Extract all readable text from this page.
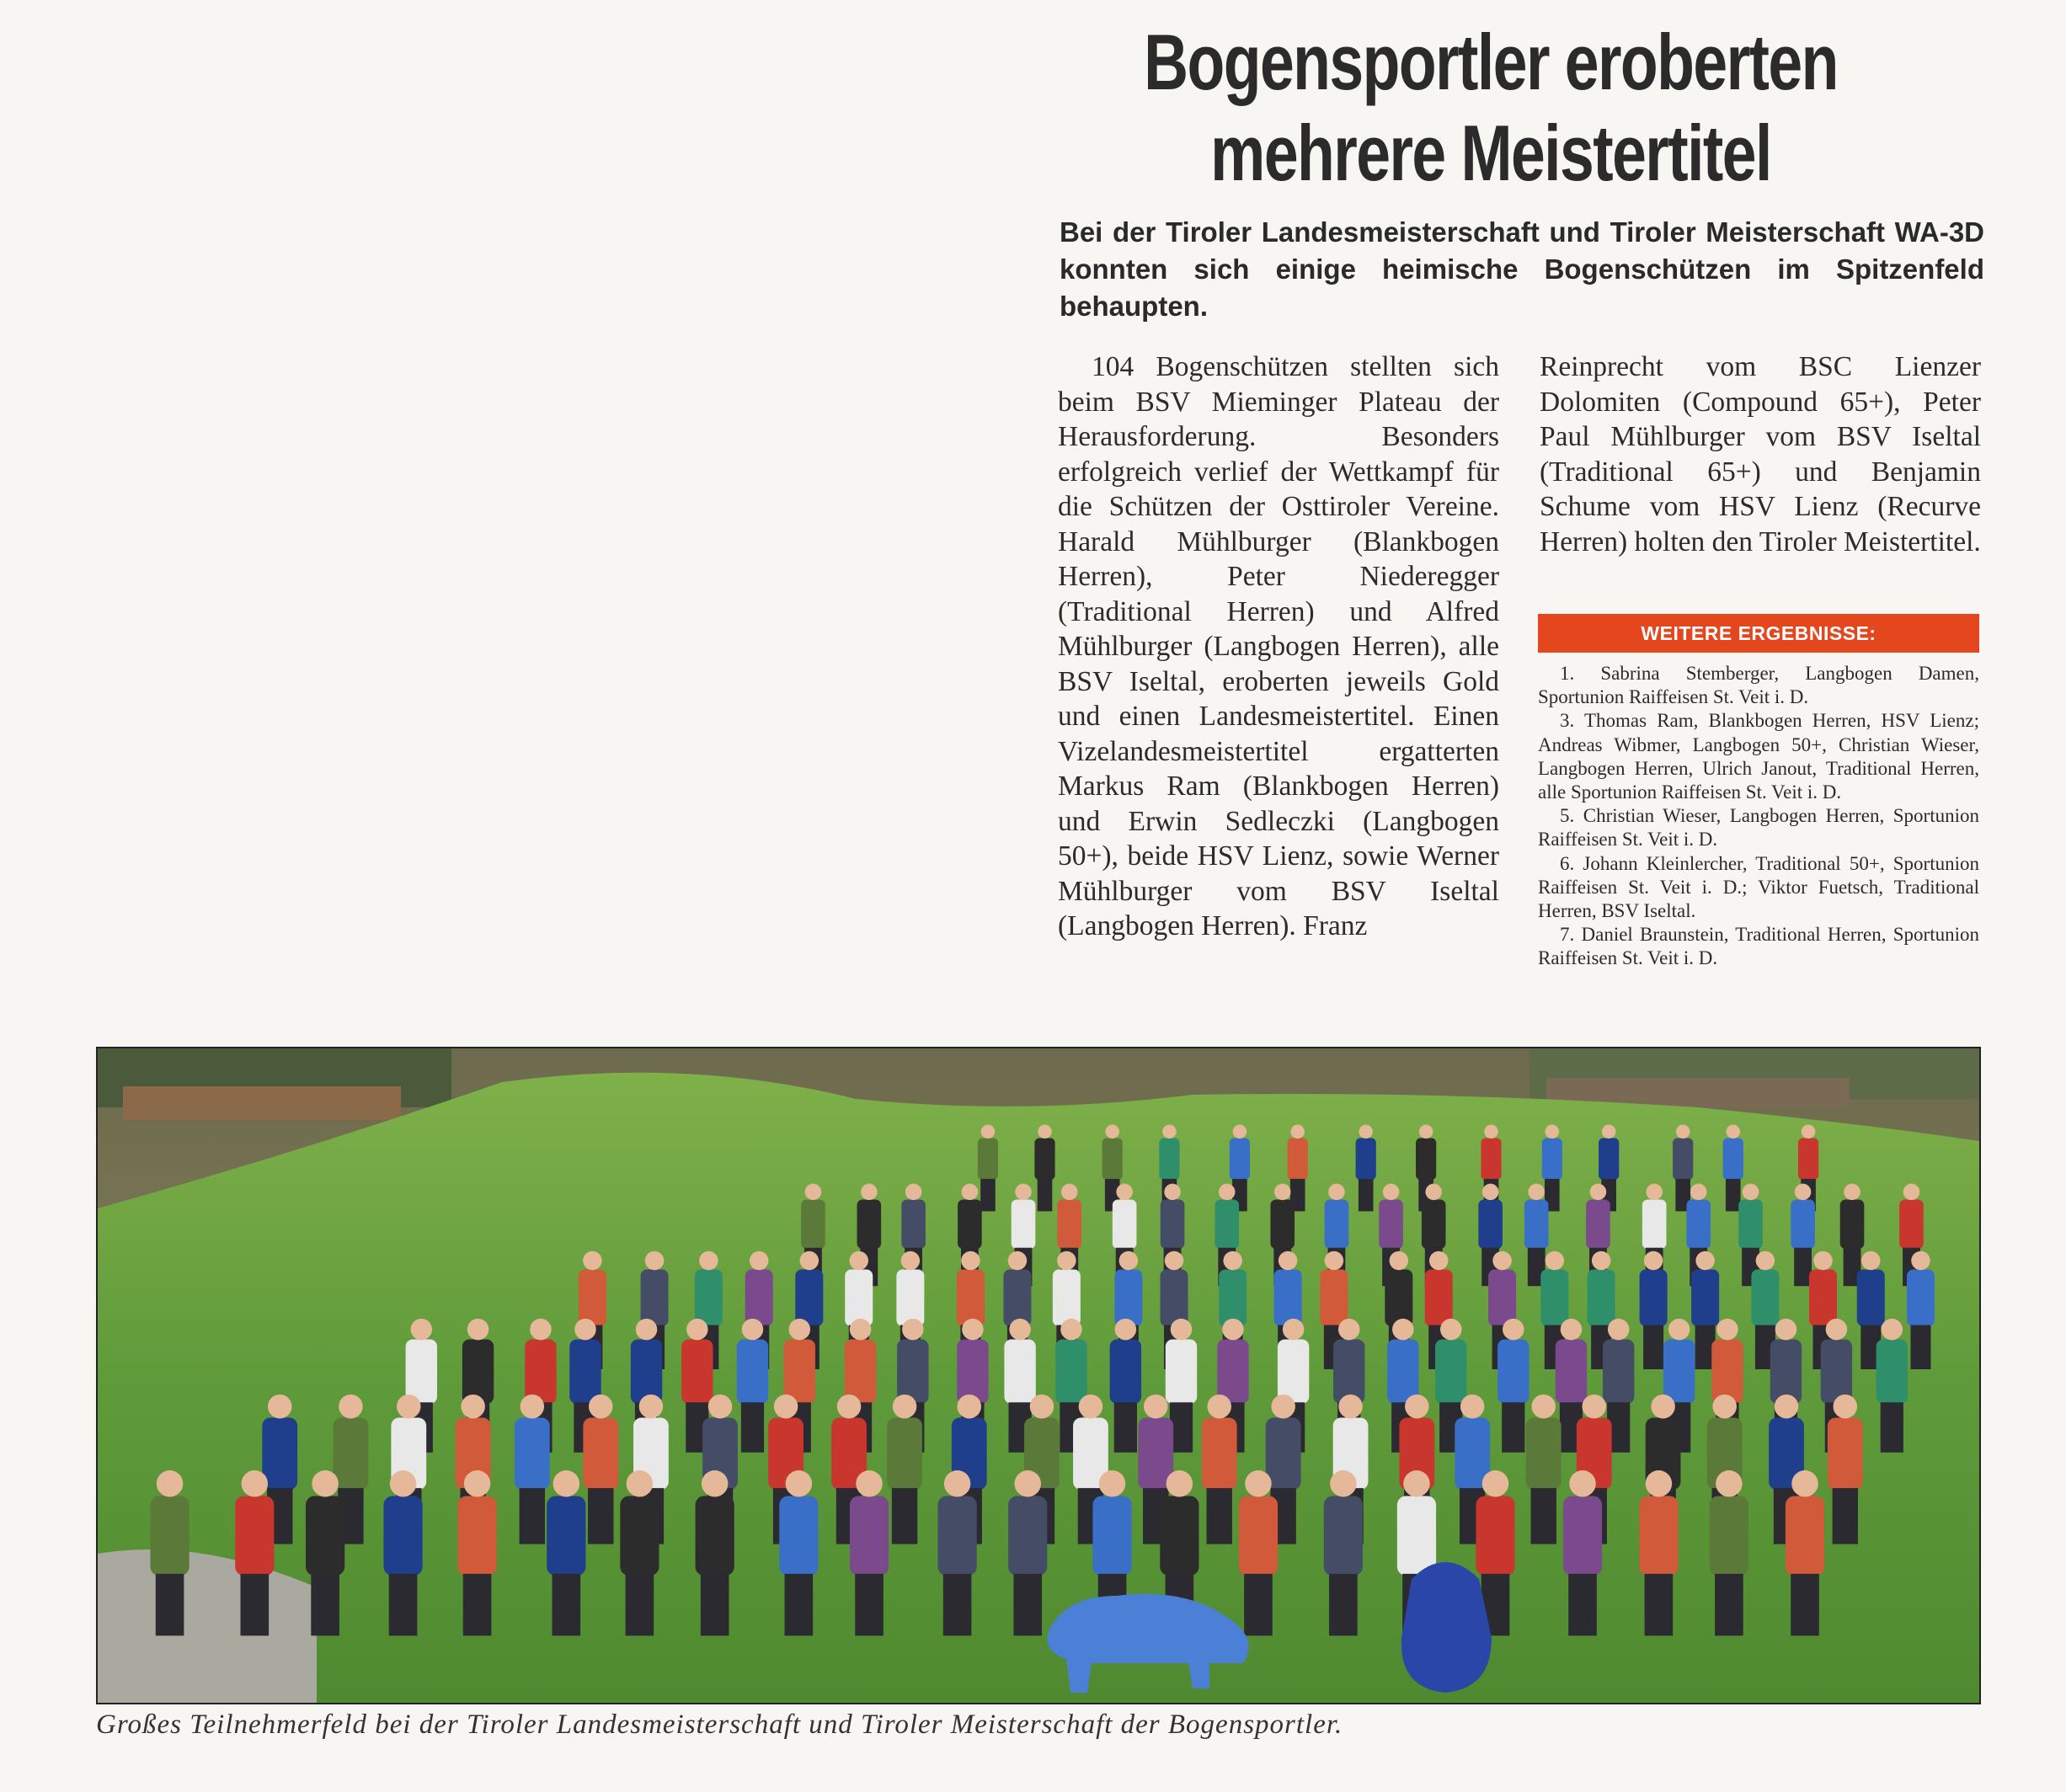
Bogensportler eroberten
mehrere Meistertitel

Bei der Tiroler Landesmeisterschaft und Tiroler Meisterschaft WA-3D konnten sich einige heimische Bogenschützen im Spitzenfeld behaupten.

104 Bogenschützen stellten sich beim BSV Mieminger Plateau der Herausforderung. Besonders erfolgreich verlief der Wettkampf für die Schützen der Osttiroler Vereine. Harald Mühlburger (Blankbogen Herren), Peter Niederegger (Traditional Herren) und Alfred Mühlburger (Langbogen Herren), alle BSV Iseltal, eroberten jeweils Gold und einen Landesmeistertitel. Einen Vizelandesmeistertitel ergatterten Markus Ram (Blankbogen Herren) und Erwin Sedleczki (Langbogen 50+), beide HSV Lienz, sowie Werner Mühlburger vom BSV Iseltal (Langbogen Herren). Franz

Reinprecht vom BSC Lienzer Dolomiten (Compound 65+), Peter Paul Mühlburger vom BSV Iseltal (Traditional 65+) und Benjamin Schume vom HSV Lienz (Recurve Herren) holten den Tiroler Meistertitel.

WEITERE ERGEBNISSE:

1. Sabrina Stemberger, Langbogen Damen, Sportunion Raiffeisen St. Veit i. D.

3. Thomas Ram, Blankbogen Herren, HSV Lienz; Andreas Wibmer, Langbogen 50+, Christian Wieser, Langbogen Herren, Ulrich Janout, Traditional Herren, alle Sportunion Raiffeisen St. Veit i. D.

5. Christian Wieser, Langbogen Herren, Sportunion Raiffeisen St. Veit i. D.

6. Johann Kleinlercher, Traditional 50+, Sportunion Raiffeisen St. Veit i. D.; Viktor Fuetsch, Traditional Herren, BSV Iseltal.

7. Daniel Braunstein, Traditional Herren, Sportunion Raiffeisen St. Veit i. D.

Großes Teilnehmerfeld bei der Tiroler Landesmeisterschaft und Tiroler Meisterschaft der Bogensportler.
